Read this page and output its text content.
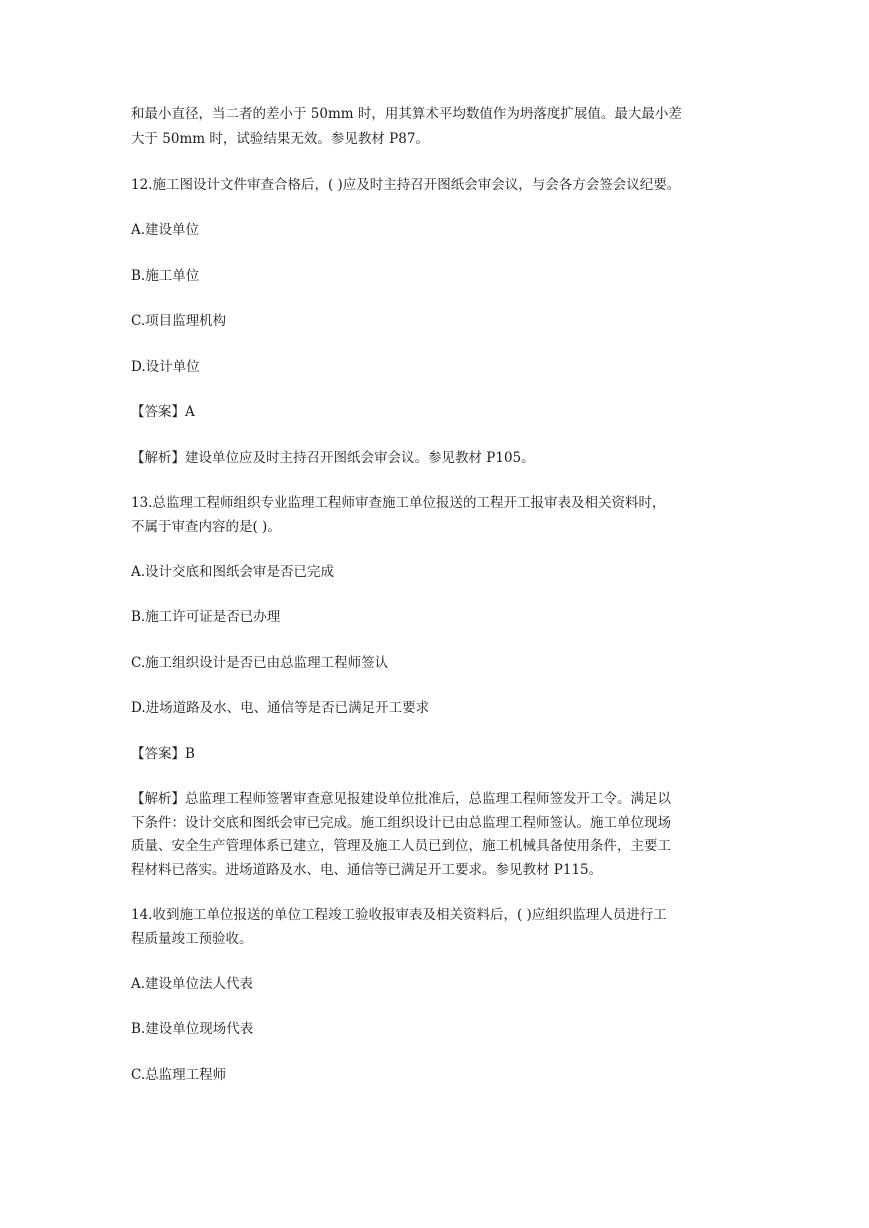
和最小直径，当二者的差小于 50mm 时，用其算术平均数值作为坍落度扩展值。最大最小差
大于 50mm 时，试验结果无效。参见教材 P87。
12.施工图设计文件审查合格后，( )应及时主持召开图纸会审会议，与会各方会签会议纪要。
A.建设单位
B.施工单位
C.项目监理机构
D.设计单位
【答案】A
【解析】建设单位应及时主持召开图纸会审会议。参见教材 P105。
13.总监理工程师组织专业监理工程师审查施工单位报送的工程开工报审表及相关资料时，
不属于审查内容的是( )。
A.设计交底和图纸会审是否已完成
B.施工许可证是否已办理
C.施工组织设计是否已由总监理工程师签认
D.进场道路及水、电、通信等是否已满足开工要求
【答案】B
【解析】总监理工程师签署审查意见报建设单位批准后，总监理工程师签发开工令。满足以
下条件：设计交底和图纸会审已完成。施工组织设计已由总监理工程师签认。施工单位现场
质量、安全生产管理体系已建立，管理及施工人员已到位，施工机械具备使用条件，主要工
程材料已落实。进场道路及水、电、通信等已满足开工要求。参见教材 P115。
14.收到施工单位报送的单位工程竣工验收报审表及相关资料后，( )应组织监理人员进行工
程质量竣工预验收。
A.建设单位法人代表
B.建设单位现场代表
C.总监理工程师
